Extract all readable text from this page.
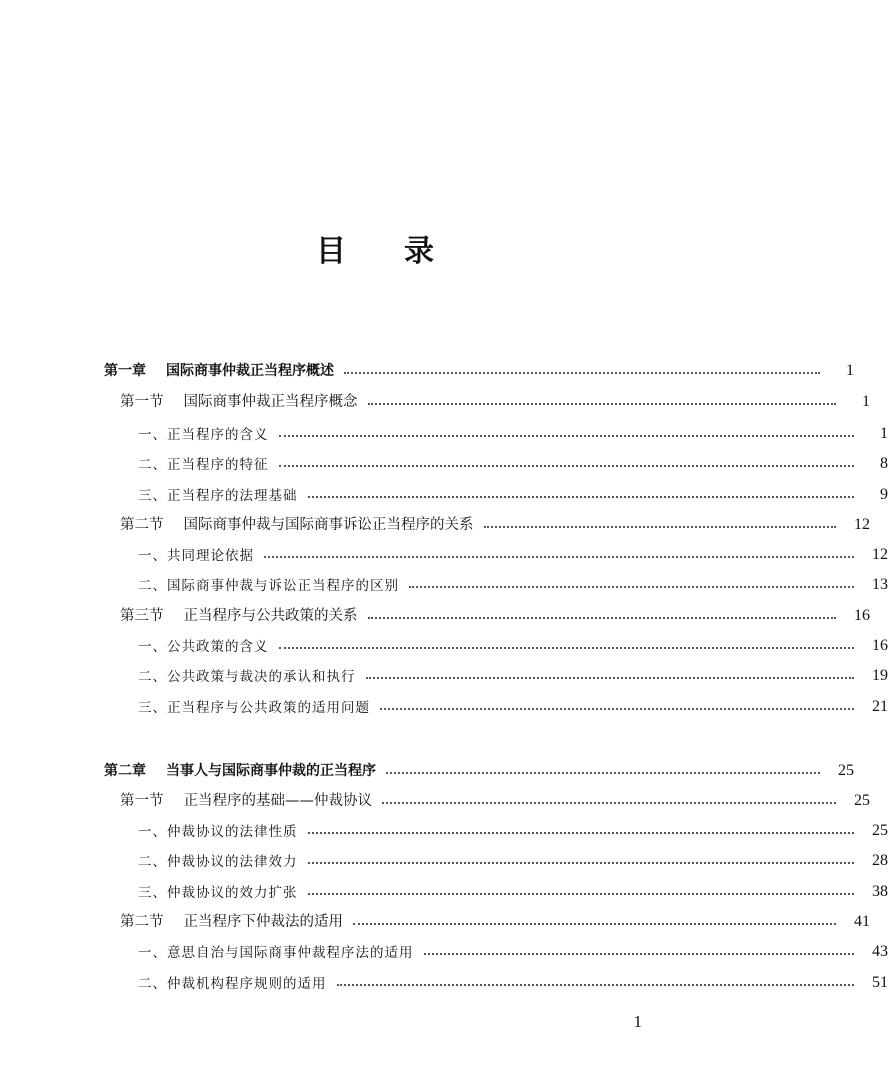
目录
第一章 国际商事仲裁正当程序概述	1
第一节 国际商事仲裁正当程序概念	1
一、正当程序的含义	1
二、正当程序的特征	8
三、正当程序的法理基础	9
第二节 国际商事仲裁与国际商事诉讼正当程序的关系	12
一、共同理论依据	12
二、国际商事仲裁与诉讼正当程序的区别	13
第三节 正当程序与公共政策的关系	16
一、公共政策的含义	16
二、公共政策与裁决的承认和执行	19
三、正当程序与公共政策的适用问题	21
第二章 当事人与国际商事仲裁的正当程序	25
第一节 正当程序的基础——仲裁协议	25
一、仲裁协议的法律性质	25
二、仲裁协议的法律效力	28
三、仲裁协议的效力扩张	38
第二节 正当程序下仲裁法的适用	41
一、意思自治与国际商事仲裁程序法的适用	43
二、仲裁机构程序规则的适用	51
1
